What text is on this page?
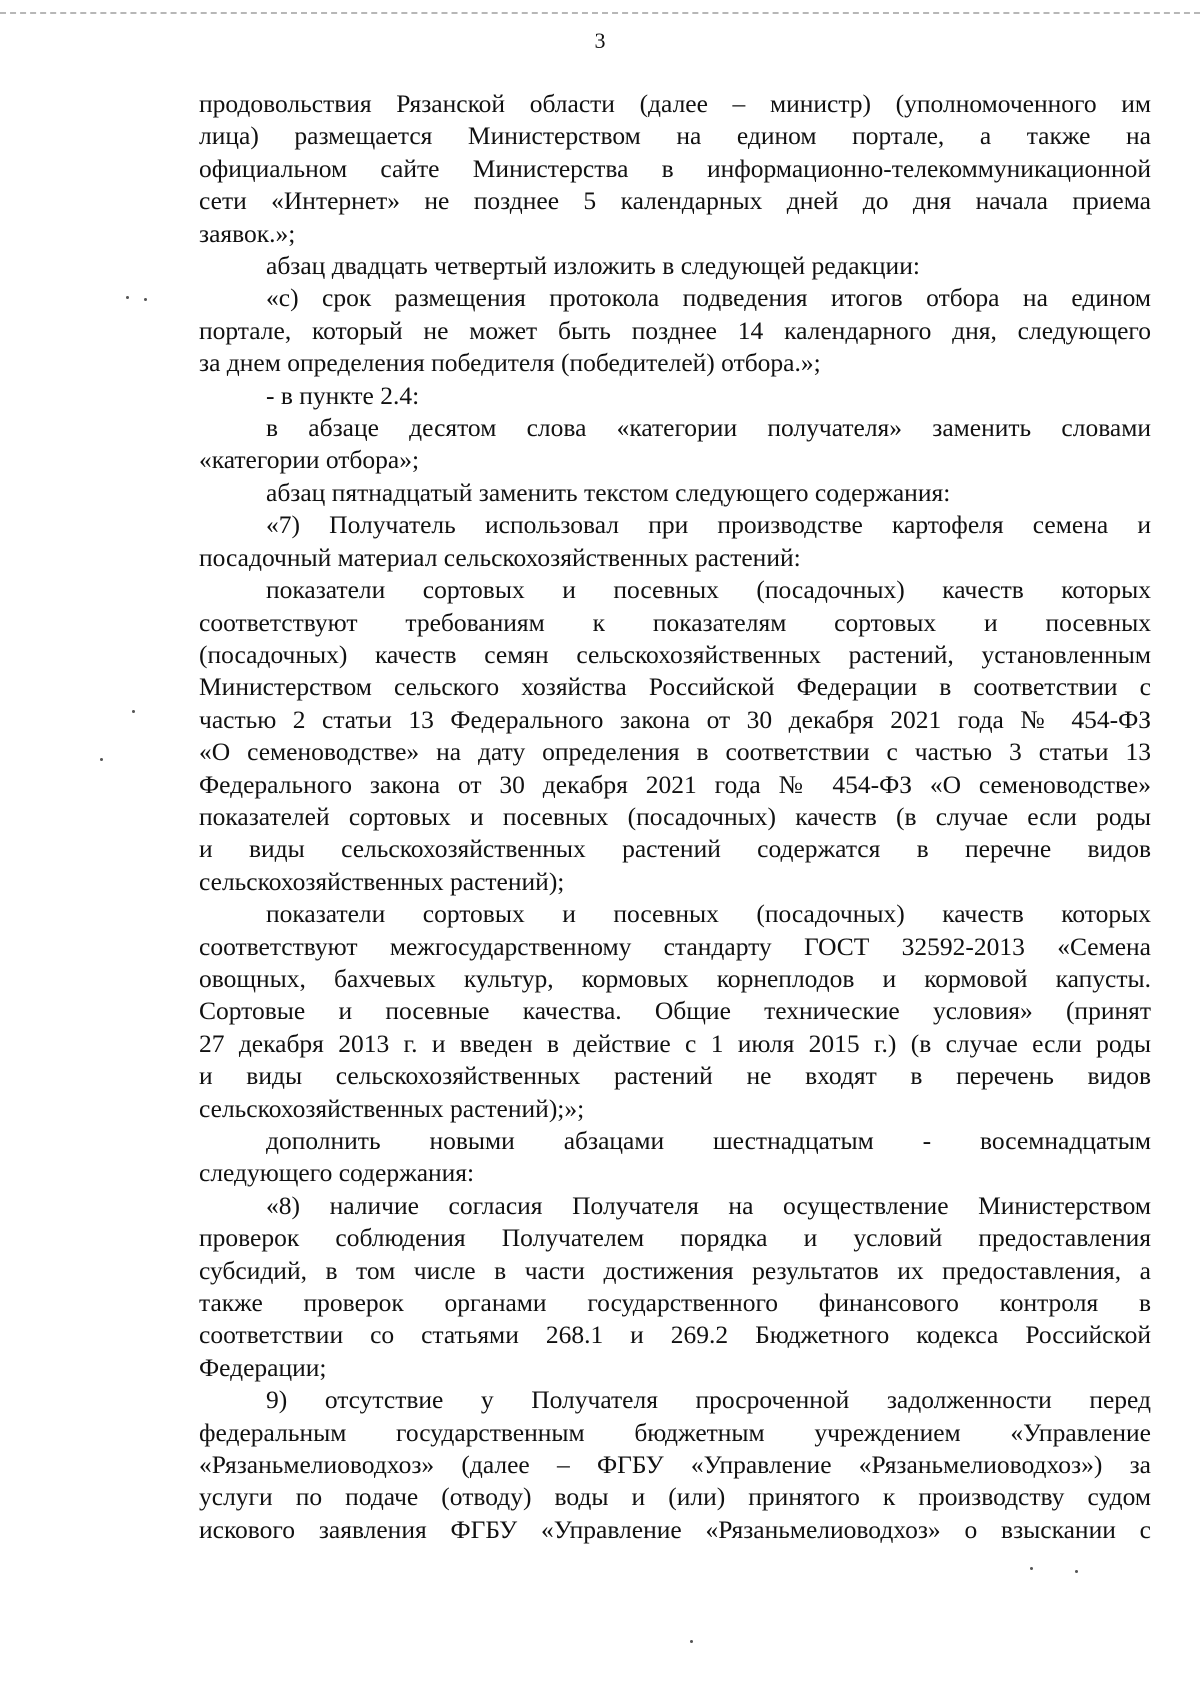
3

продовольствия Рязанской области (далее – министр) (уполномоченного им
лица) размещается Министерством на едином портале, а также на
официальном сайте Министерства в информационно-телекоммуникационной
сети «Интернет» не позднее 5 календарных дней до дня начала приема
заявок.»;

абзац двадцать четвертый изложить в следующей редакции:

«с) срок размещения протокола подведения итогов отбора на едином
портале, который не может быть позднее 14 календарного дня, следующего
за днем определения победителя (победителей) отбора.»;

- в пункте 2.4:

в абзаце десятом слова «категории получателя» заменить словами
«категории отбора»;

абзац пятнадцатый заменить текстом следующего содержания:

«7) Получатель использовал при производстве картофеля семена и
посадочный материал сельскохозяйственных растений:

показатели сортовых и посевных (посадочных) качеств которых
соответствуют требованиям к показателям сортовых и посевных
(посадочных) качеств семян сельскохозяйственных растений, установленным
Министерством сельского хозяйства Российской Федерации в соответствии с
частью 2 статьи 13 Федерального закона от 30 декабря 2021 года № 454-ФЗ
«О семеноводстве» на дату определения в соответствии с частью 3 статьи 13
Федерального закона от 30 декабря 2021 года № 454-ФЗ «О семеноводстве»
показателей сортовых и посевных (посадочных) качеств (в случае если роды
и виды сельскохозяйственных растений содержатся в перечне видов
сельскохозяйственных растений);

показатели сортовых и посевных (посадочных) качеств которых
соответствуют межгосударственному стандарту ГОСТ 32592-2013 «Семена
овощных, бахчевых культур, кормовых корнеплодов и кормовой капусты.
Сортовые и посевные качества. Общие технические условия» (принят
27 декабря 2013 г. и введен в действие с 1 июля 2015 г.) (в случае если роды
и виды сельскохозяйственных растений не входят в перечень видов
сельскохозяйственных растений);»;

дополнить новыми абзацами шестнадцатым - восемнадцатым
следующего содержания:

«8) наличие согласия Получателя на осуществление Министерством
проверок соблюдения Получателем порядка и условий предоставления
субсидий, в том числе в части достижения результатов их предоставления, а
также проверок органами государственного финансового контроля в
соответствии со статьями 268.1 и 269.2 Бюджетного кодекса Российской
Федерации;

9) отсутствие у Получателя просроченной задолженности перед
федеральным государственным бюджетным учреждением «Управление
«Рязаньмелиоводхоз» (далее – ФГБУ «Управление «Рязаньмелиоводхоз») за
услуги по подаче (отводу) воды и (или) принятого к производству судом
искового заявления ФГБУ «Управление «Рязаньмелиоводхоз» о взыскании с
